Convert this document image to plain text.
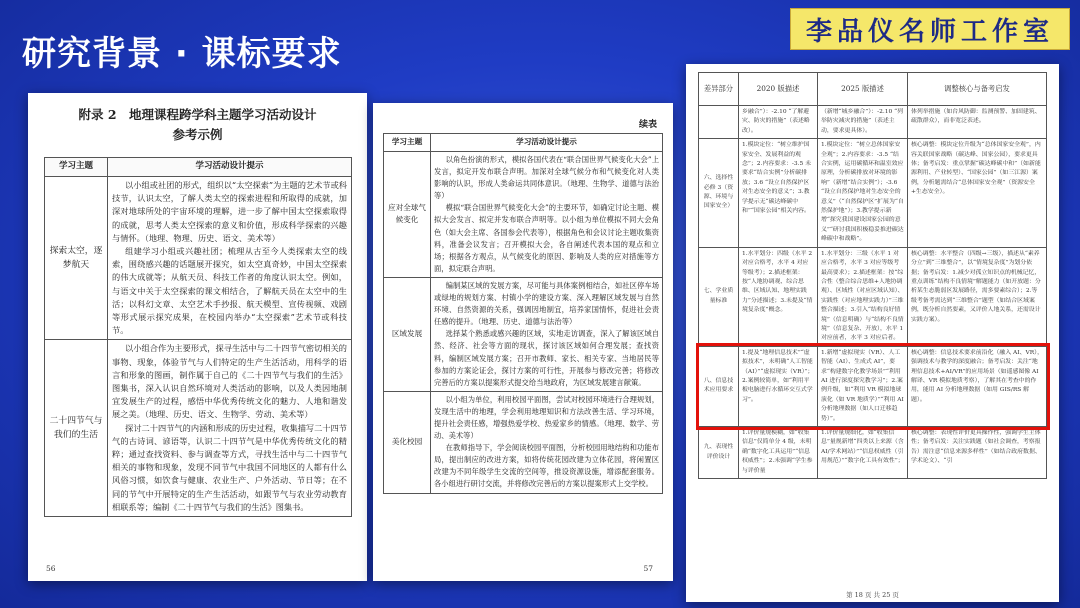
研究背景 · 课标要求
李品仪名师工作室
附录 2　地理课程跨学科主题学习活动设计
参考示例
学习主题	学习活动设计提示
探索太空，逐梦航天	以小组或社团的形式，组织以“太空探索”为主题的艺术节或科技节，认识太空，了解人类太空的探索进程和所取得的成就，加深对地球所处的宇宙环境的理解，进一步了解中国太空探索取得的成就，思考人类太空探索的意义和价值，形成科学探索的兴趣与情怀。（地理、物理、历史、语文、美术等）
组建学习小组或兴趣社团；梳理从古至今人类探索太空的线索，围绕感兴趣的话题展开探究，如太空真奇妙，中国太空探索的伟大成就等；从航天员、科技工作者的角度认识太空。例如，与语文中关于太空探索的课文相结合，了解航天员在太空中的生活；以科幻文章、太空艺术手抄报、航天模型、宣传视频、戏剧等形式展示探究成果，在校园内举办“太空探索”艺术节或科技节。

二十四节气与我们的生活	以小组合作为主要形式，探寻生活中与二十四节气密切相关的事物、现象，体验节气与人们特定的生产生活活动，用科学的语言和形象的图画，制作属于自己的《二十四节气与我们的生活》图集书，深入认识自然环境对人类活动的影响，以及人类因地制宜发展生产的过程，感悟中华优秀传统文化的魅力、人地和谐发展之美。（地理、历史、语文、生物学、劳动、美术等）
探讨二十四节气的内涵和形成的历史过程，收集描写二十四节气的古诗词、谚语等，认识二十四节气是中华优秀传统文化的精粹；通过查找资料、参与调查等方式，寻找生活中与二十四节气相关的事物和现象，发现不同节气中我国不同地区的人都有什么风俗习惯，如饮食与健康、农业生产、户外活动、节日等；在不同的节气中开展特定的生产生活活动，如跟节气与农业劳动教育相联系等；编制《二十四节气与我们的生活》图集书。
56
续表
学习主题	学习活动设计提示
应对全球气候变化	以角色扮演的形式，模拟各国代表在“联合国世界气候变化大会”上发言，拟定开发布联合声明。加深对全球气候分布和气候变化对人类影响的认识，形成人类命运共同体意识。（地理、生物学、道德与法治等）
模拟“联合国世界气候变化大会”的主要环节，如确定讨论主题、模拟大会发言、拟定并发布联合声明等。以小组为单位模拟不同大会角色（如大会主席、各国参会代表等），根据角色和会议讨论主题收集资料，准备会议发言；召开模拟大会，各自阐述代表本国的观点和立场；根据各方观点，从气候变化的原因、影响及人类的应对措施等方面，拟定联合声明。

区域发展	编制某区域的发展方案，尽可能与具体案例相结合，如社区停车场或绿地的规划方案、村镇小学的建设方案、深入理解区域发展与自然环境、自然资源的关系，强调因地制宜，培养家国情怀，促进社会责任感的提升。（地理、历史、道德与法治等）
选择某个熟悉或感兴趣的区域，实地走访调查，深入了解该区域自然、经济、社会等方面的现状，探讨该区域如何合理发展；查找资料，编制区域发展方案；召开市教师、家长、相关专家、当地居民等参加的方案论证会，探讨方案的可行性，开展参与修改完善；将修改完善后的方案以提案形式提交给当地政府，为区域发展建言献策。

美化校园	以小组为单位，利用校园平面图，尝试对校园环境进行合理规划，发现生活中的地理，学会利用地理知识和方法改善生活、学习环境，提升社会责任感，增强热爱学校、热爱家乡的情感。（地理、数学、劳动、美术等）
在教师指导下，学会阅读校园平面图，分析校园用地结构和功能布局，提出制应的改进方案，如将传统花园改建为立体花园，将闲置区改建为不同年级学生交流的空间等，推设资源设施，增添配套服务。各小组进行研讨交流，并将修改完善后的方案以提案形式上交学校。
57
差异部分	2020 版描述	2025 版描述	调整核心与备考启发
	乡融合”）：-2.10 “了解避灾、防灾的措施”（表述略改）。	（新增“城乡融合”）：-2.10 “列举防灾减灾的措施”（表述主动，要求更具体）。	体列举措施（如台风防御：监测预警、加固建筑、疏散群众），而非宽泛表述。
六、选择性必修 3（资源、环境与国家安全）	1.模块定位：“树立维护国家安全、发展利益的观念”；2.内容要求：-3.5 未要求“结合实例”分析碳排放；3.6 “设立自然保护区对生态安全的意义”；3.教学提示无“碳达峰碳中和”“国家公园”相关内容。	1.模块定位：“树立总体国家安全观”；2.内容要求：-3.5 “结合实例，运用碳循环和温室效应原理，分析碳排放对环境的影响”（新增“结合实例”）；-3.6 “设立自然保护地对生态安全的意义”（“自然保护区”扩展为“自然保护地”）；3.教学提示新增“探究我国建设国家公园的意义”“研讨我国积极稳妥推进碳达峰碳中和战略”。	核心调整：模块定位升级为“总体国家安全观”，内容关联国家战略（碳达峰、国家公园），要求更具体；备考启发：重点掌握“碳达峰碳中和”（如新能源利用、产业转型）、“国家公园”（如三江源）案例，分析题需结合“总体国家安全观”（资源安全+生态安全）。
七、学业质量标准	1.水平划分：四级（水平 2 对应合格考，水平 4 对应等级考）；2.描述框架：按“人地协调观、综合思维、区域认知、地理实践力”分述描述；3.未提及“情境复杂度”概念。	1.水平划分：三级（水平 1 对应合格考，水平 3 对应等级考最高要求）；2.描述框架：按“综合性（整合综合思维+人地协调观）、区域性（对应区域认知）、实践性（对应地理实践力）”三维整合描述；3.引入“结构良好情境”（信息明确）与“结构不良情境”（信息复杂、开放），水平 1 对应前者，水平 3 对应后者。	核心调整：水平整合（四级→三级），描述从“素养分立”到“三维整合”，以“情境复杂度”为划分依据；备考启发：1.减少对孤立知识点的机械记忆，重点训练“结构不良情境”解题能力（如开放题：分析某生态脆弱区发展路径，需多要素综合）；2.等级考备考需达到“三维整合”题型（如结合区域案例，既分析自然要素，又评价人地关系，还需设计实践方案）。
八、信息技术应用要求	1.提及“地理信息技术”“虚拟技术”，未明确“人工智能（AI）”“虚拟现实（VR）”；2.案例较简单，如“利用平板电脑进行水循环交互式学习”。	1.新增“虚拟现实（VR）、人工智能（AI）、生成式 AI”，要求“构建数字化教学场景”“利用 AI 进行深度探究教学习”；2.案例升级，如“利用 VR 模拟地球演化（如 VR 地质学）”“利用 AI 分析地理数据（如人口迁移趋势）”。	核心调整：信息技术要求前沿化（融入 AI、VR），强调技术与教学的深度融合；备考启发：关注“地理信息技术+AI/VR”的应用场景（如遥感图像 AI 解译、VR 模拟地质考察），了解其在考查中的作用，能用 AI 分析地理数据（如用 GIS/RS 解题）。
九、表现性评价设计	1.评价量规模糊，如“收集信息”仅简单分 4 级，未明确“数字化工具运用”“信息权威性”；2.未强调“学生参与评价量	1.评价量规细化，如“收集信息”量规新增“四类以上来源（含 AI/学术网站）”“信息权威性（引用规范）”“数字化工具有效性”；	核心调整：表现性评价更具操作性，强调学生主体性；备考启发：关注实践题（如社会调查，考察报告）需注意“信息来源多样性”（如结合政府数据、学术论文）、“引
第 18 页 共 25 页
